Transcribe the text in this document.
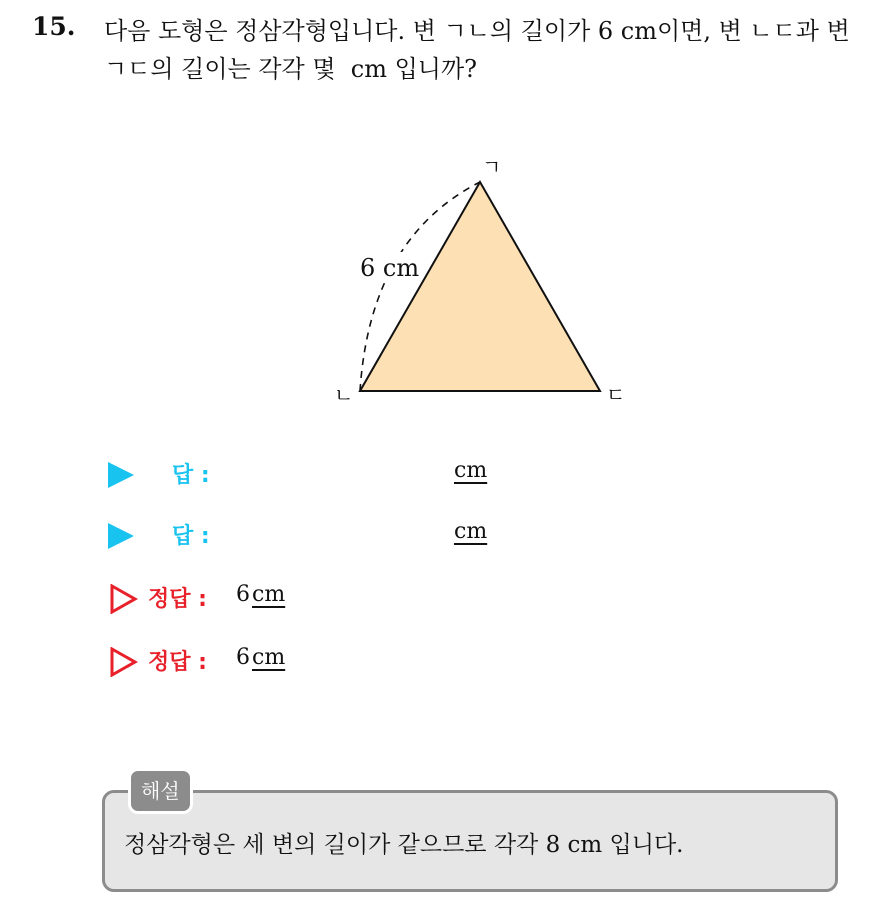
15. 다음 도형은 정삼각형입니다. 변 ㄱㄴ의 길이가 6 cm이면, 변 ㄴㄷ과 변 ㄱㄷ의 길이는 각각 몇  cm 입니까?
ㄱ
ㄴ	ㄷ
6 cm
답 :	cm
답 :	cm
정답 : 6cm
정답 : 6cm
해설
정삼각형은 세 변의 길이가 같으므로 각각 8 cm 입니다.
